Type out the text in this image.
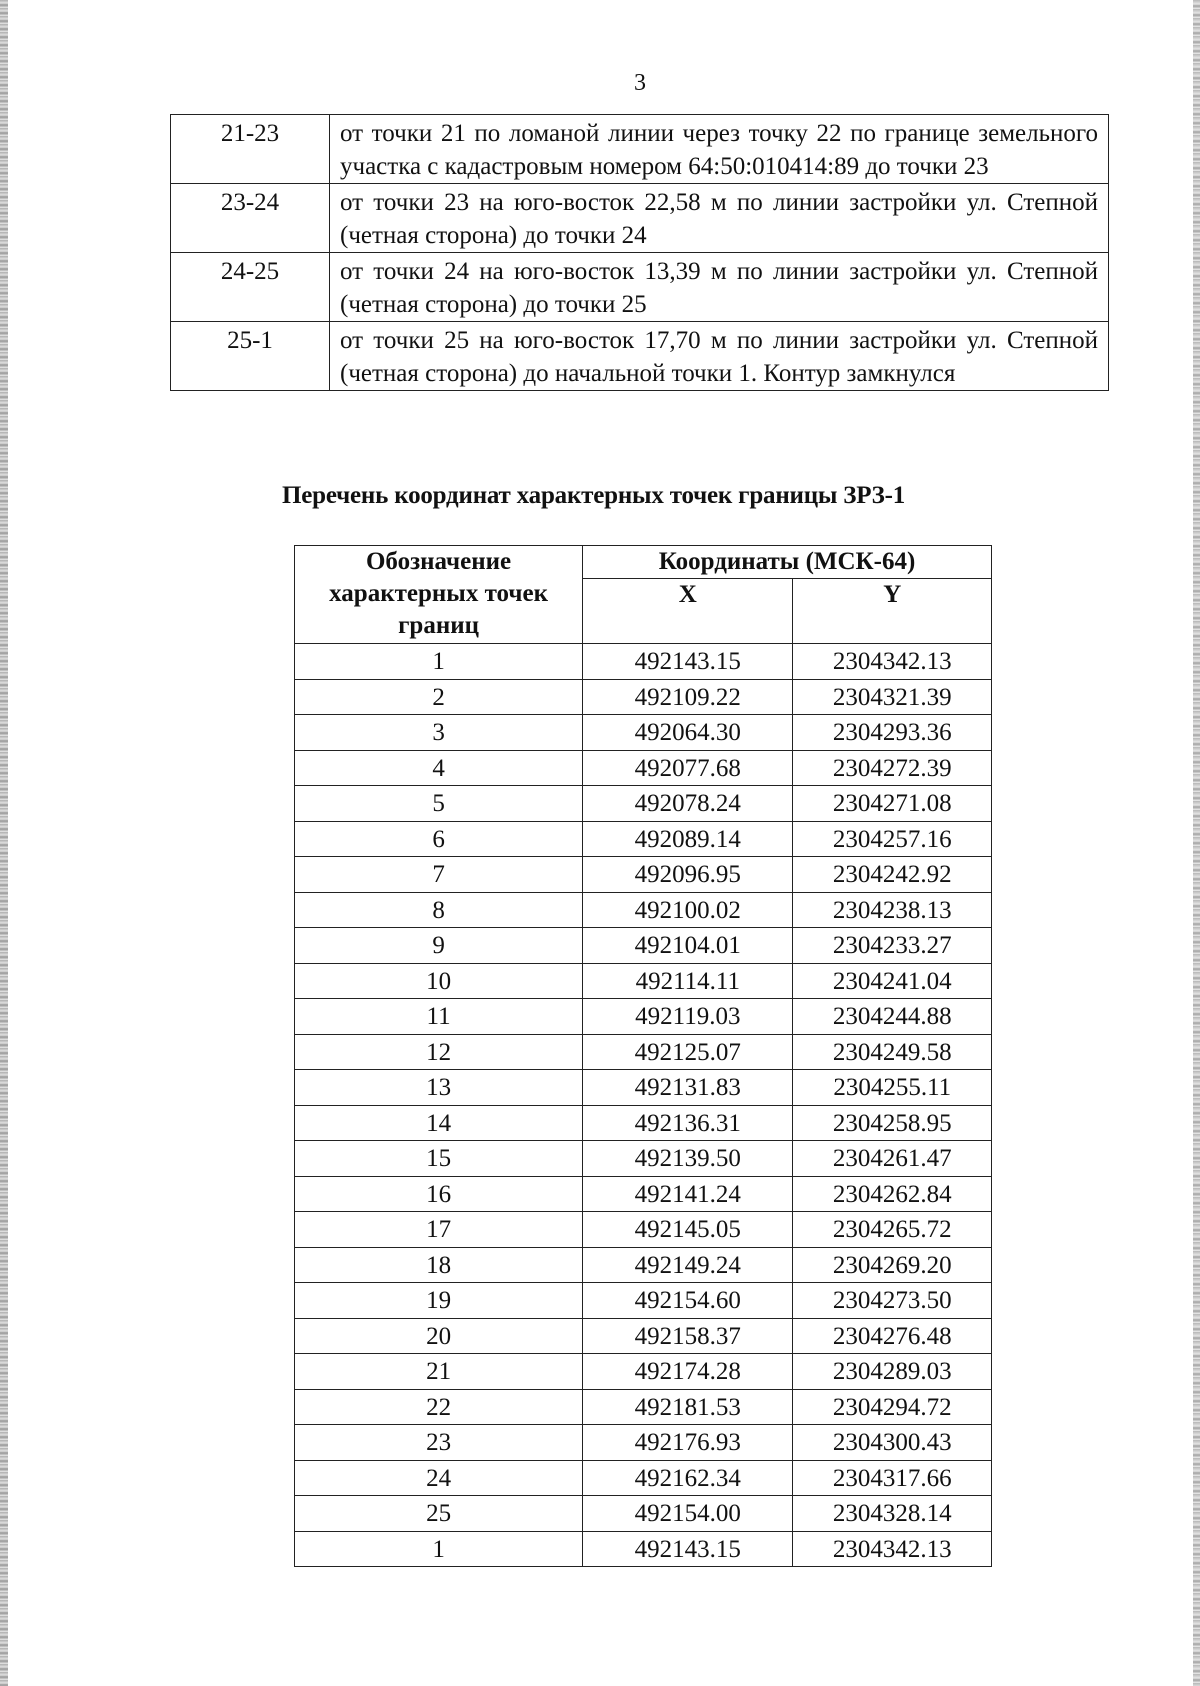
3
21-23	от точки 21 по ломаной линии через точку 22 по границе земельного участка с кадастровым номером 64:50:010414:89 до точки 23
23-24	от точки 23 на юго-восток 22,58 м по линии застройки ул. Степной (четная сторона) до точки 24
24-25	от точки 24 на юго-восток 13,39 м по линии застройки ул. Степной (четная сторона) до точки 25
25-1	от точки 25 на юго-восток 17,70 м по линии застройки ул. Степной (четная сторона) до начальной точки 1. Контур замкнулся
Перечень координат характерных точек границы ЗРЗ-1
Обозначение характерных точек границ	Координаты (МСК-64)	
	X	Y
1	492143.15	2304342.13
2	492109.22	2304321.39
3	492064.30	2304293.36
4	492077.68	2304272.39
5	492078.24	2304271.08
6	492089.14	2304257.16
7	492096.95	2304242.92
8	492100.02	2304238.13
9	492104.01	2304233.27
10	492114.11	2304241.04
11	492119.03	2304244.88
12	492125.07	2304249.58
13	492131.83	2304255.11
14	492136.31	2304258.95
15	492139.50	2304261.47
16	492141.24	2304262.84
17	492145.05	2304265.72
18	492149.24	2304269.20
19	492154.60	2304273.50
20	492158.37	2304276.48
21	492174.28	2304289.03
22	492181.53	2304294.72
23	492176.93	2304300.43
24	492162.34	2304317.66
25	492154.00	2304328.14
1	492143.15	2304342.13
